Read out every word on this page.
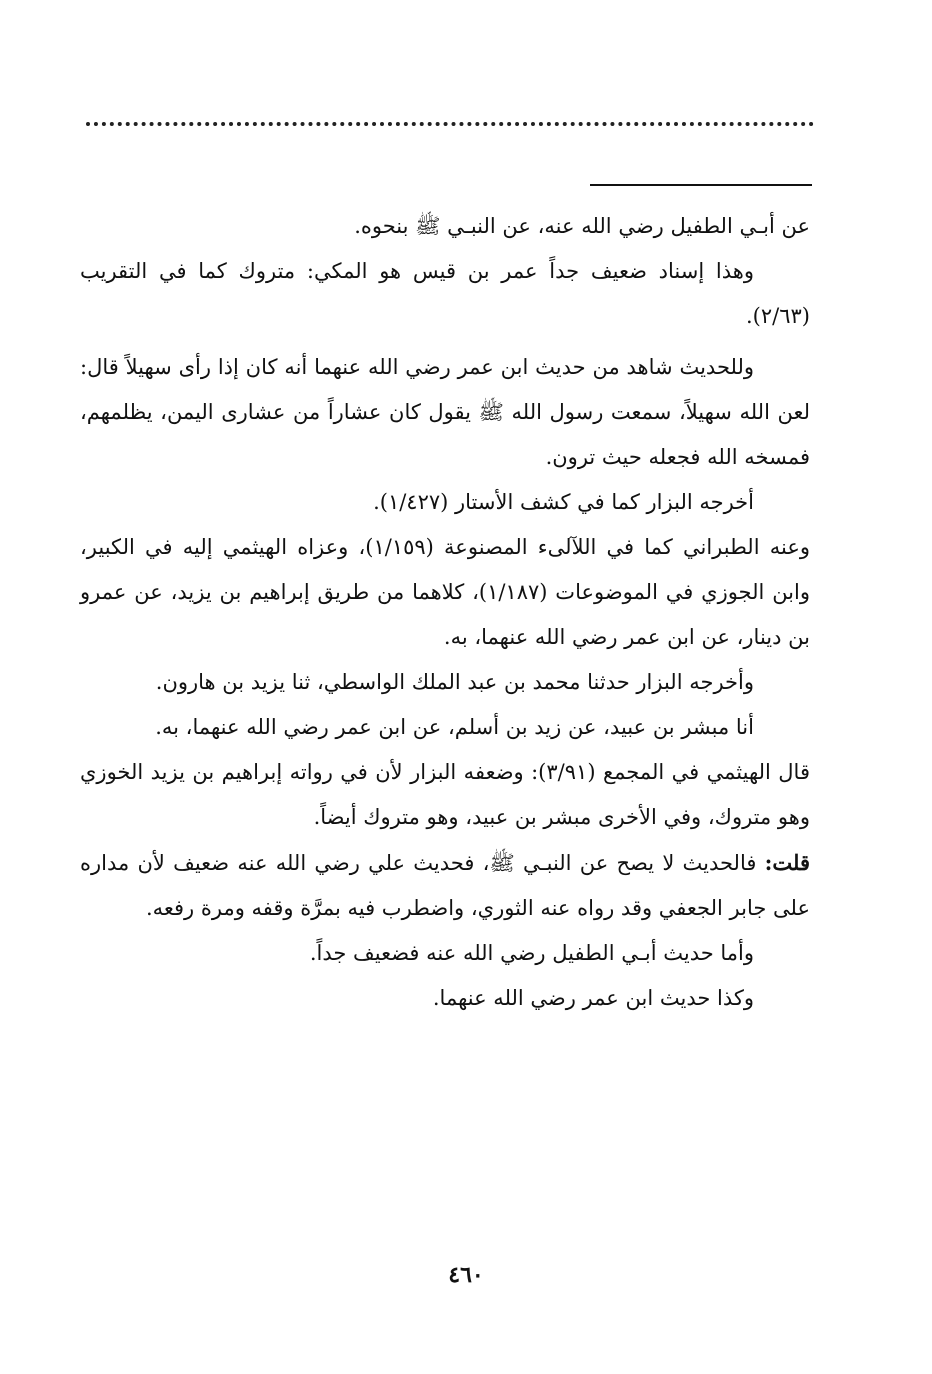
عن أبـي الطفيل رضي الله عنه، عن النبـي ﷺ بنحوه.

وهذا إسناد ضعيف جداً عمر بن قيس هو المكي: متروك كما في التقريب (٢/٦٣).

وللحديث شاهد من حديث ابن عمر رضي الله عنهما أنه كان إذا رأى سهيلاً قال: لعن الله سهيلاً، سمعت رسول الله ﷺ يقول كان عشاراً من عشارى اليمن، يظلمهم، فمسخه الله فجعله حيث ترون.

أخرجه البزار كما في كشف الأستار (١/٤٢٧).

وعنه الطبراني كما في اللآلىء المصنوعة (١/١٥٩)، وعزاه الهيثمي إليه في الكبير، وابن الجوزي في الموضوعات (١/١٨٧)، كلاهما من طريق إبراهيم بن يزيد، عن عمرو بن دينار، عن ابن عمر رضي الله عنهما، به.

وأخرجه البزار حدثنا محمد بن عبد الملك الواسطي، ثنا يزيد بن هارون.

أنا مبشر بن عبيد، عن زيد بن أسلم، عن ابن عمر رضي الله عنهما، به.

قال الهيثمي في المجمع (٣/٩١): وضعفه البزار لأن في رواته إبراهيم بن يزيد الخوزي وهو متروك، وفي الأخرى مبشر بن عبيد، وهو متروك أيضاً.

قلت: فالحديث لا يصح عن النبـي ﷺ، فحديث علي رضي الله عنه ضعيف لأن مداره على جابر الجعفي وقد رواه عنه الثوري، واضطرب فيه بمرَّة وقفه ومرة رفعه.

وأما حديث أبـي الطفيل رضي الله عنه فضعيف جداً.

وكذا حديث ابن عمر رضي الله عنهما.

٤٦٠
